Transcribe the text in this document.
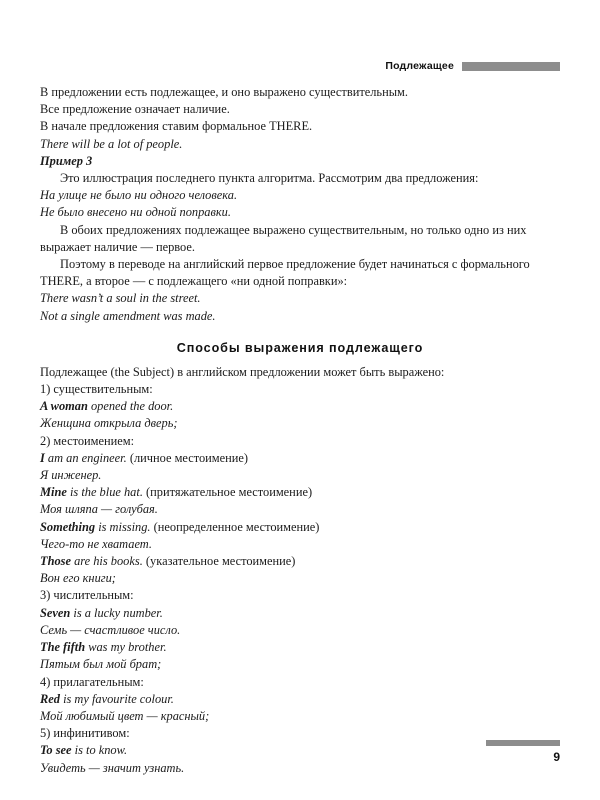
Подлежащее
В предложении есть подлежащее, и оно выражено существительным.
Все предложение означает наличие.
В начале предложения ставим формальное THERE.
There will be a lot of people.
Пример 3
Это иллюстрация последнего пункта алгоритма. Рассмотрим два предложения:
На улице не было ни одного человека.
Не было внесено ни одной поправки.
В обоих предложениях подлежащее выражено существительным, но только одно из них выражает наличие — первое.
Поэтому в переводе на английский первое предложение будет начинаться с формального THERE, а второе — с подлежащего «ни одной поправки»:
There wasn’t a soul in the street.
Not a single amendment was made.
Способы выражения подлежащего
Подлежащее (the Subject) в английском предложении может быть выражено:
1) существительным:
A woman opened the door.
Женщина открыла дверь;
2) местоимением:
I am an engineer. (личное местоимение)
Я инженер.
Mine is the blue hat. (притяжательное местоимение)
Моя шляпа — голубая.
Something is missing. (неопределенное местоимение)
Чего-то не хватает.
Those are his books. (указательное местоимение)
Вон его книги;
3) числительным:
Seven is a lucky number.
Семь — счастливое число.
The fifth was my brother.
Пятым был мой брат;
4) прилагательным:
Red is my favourite colour.
Мой любимый цвет — красный;
5) инфинитивом:
To see is to know.
Увидеть — значит узнать.
9
